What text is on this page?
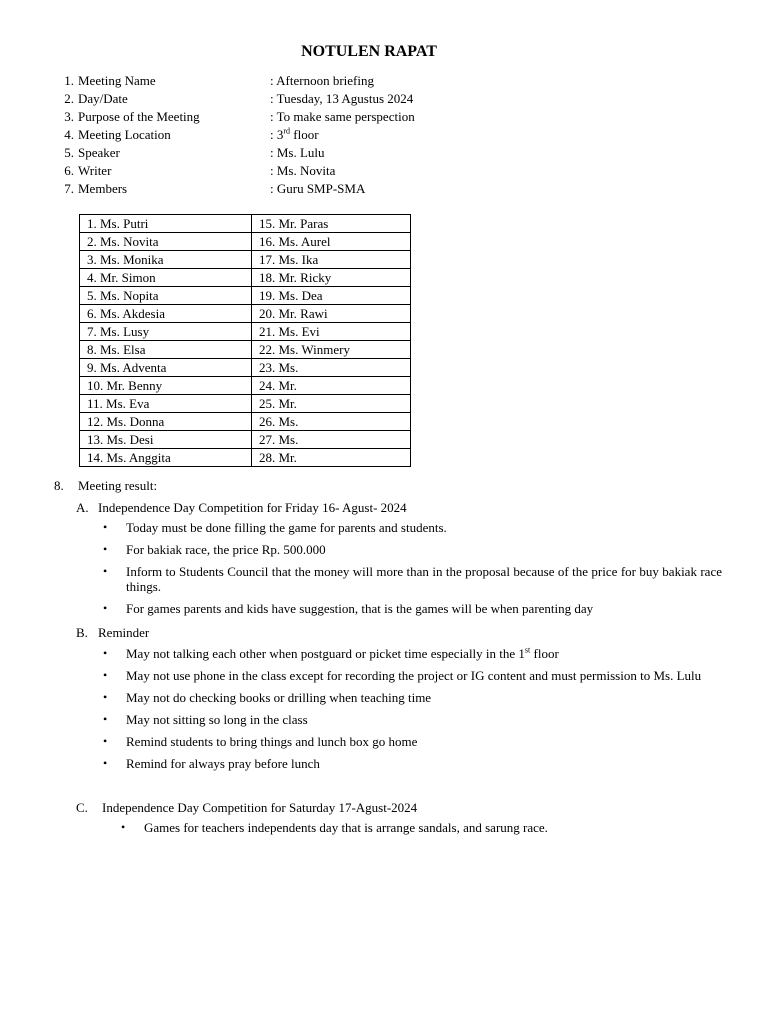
NOTULEN RAPAT
1. Meeting Name	: Afternoon briefing
2. Day/Date	: Tuesday, 13 Agustus 2024
3. Purpose of the Meeting	: To make same perspection
4. Meeting Location	: 3rd floor
5. Speaker	: Ms. Lulu
6. Writer	: Ms. Novita
7. Members	: Guru SMP-SMA
1. Ms. Putri	15. Mr. Paras
2. Ms. Novita	16. Ms. Aurel
3. Ms. Monika	17. Ms. Ika
4. Mr. Simon	18. Mr. Ricky
5. Ms. Nopita	19. Ms. Dea
6. Ms. Akdesia	20. Mr. Rawi
7. Ms. Lusy	21. Ms. Evi
8. Ms. Elsa	22. Ms. Winmery
9. Ms. Adventa	23. Ms.
10. Mr. Benny	24. Mr.
11. Ms. Eva	25. Mr.
12. Ms. Donna	26. Ms.
13. Ms. Desi	27. Ms.
14. Ms. Anggita	28. Mr.
8. Meeting result:
A. Independence Day Competition for Friday 16- Agust- 2024
• Today must be done filling the game for parents and students.
• For bakiak race, the price Rp. 500.000
• Inform to Students Council that the money will more than in the proposal because of the price for buy bakiak race things.
• For games parents and kids have suggestion, that is the games will be when parenting day
B. Reminder
• May not talking each other when postguard or picket time especially in the 1st floor
• May not use phone in the class except for recording the project or IG content and must permission to Ms. Lulu
• May not do checking books or drilling when teaching time
• May not sitting so long in the class
• Remind students to bring things and lunch box go home
• Remind for always pray before lunch
C. Independence Day Competition for Saturday 17-Agust-2024
• Games for teachers independents day that is arrange sandals, and sarung race.
